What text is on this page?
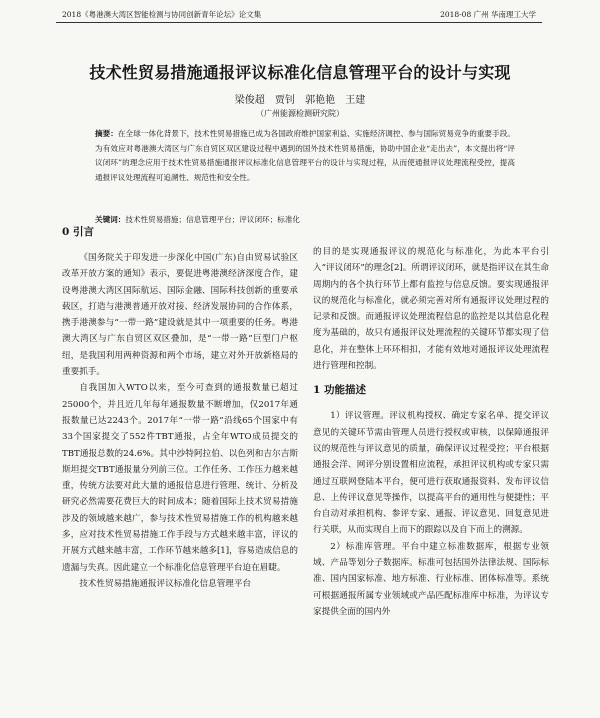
2018《粤港澳大湾区智能检测与协同创新青年论坛》论文集	2018-08 广州 华南理工大学
技术性贸易措施通报评议标准化信息管理平台的设计与实现
梁俊超 贾钊 郭艳艳 王建
（广州能源检测研究院）
摘要：在全球一体化背景下，技术性贸易措施已成为各国政府维护国家利益、实施经济调控、参与国际贸易竞争的重要手段。为有效应对粤港澳大湾区与广东自贸区双区建设过程中遇到的国外技术性贸易措施，协助中国企业“走出去”，本文提出将“评议闭环”的理念应用于技术性贸易措施通报评议标准化信息管理平台的设计与实现过程，从而使通报评议处理流程受控，提高通报评议处理流程可追溯性、规范性和安全性。
关键词：技术性贸易措施；信息管理平台；评议闭环；标准化
0 引言

《国务院关于印发进一步深化中国(广东)自由贸易试验区改革开放方案的通知》表示，要促进粤港澳经济深度合作，建设粤港澳大湾区国际航运、国际金融、国际科技创新的重要承载区，打造与港澳普通开放对接、经济发展协同的合作体系，携手港澳参与“一带一路”建设就是其中一项重要的任务。粤港澳大湾区与广东自贸区双区叠加，是“一带一路”巨型门户枢纽，是我国利用两种资源和两个市场，建立对外开放新格局的重要抓手。

自我国加入WTO以来，至今可查到的通报数量已超过25000个，并且近几年每年通报数量不断增加，仅2017年通报数量已达2243个。2017年“一带一路”沿线65个国家中有33个国家提交了552件TBT通报，占全年WTO成员提交的TBT通报总数的24.6%。其中沙特阿拉伯、以色列和吉尔吉斯斯坦提交TBT通报量分列前三位。工作任务、工作压力越来越重，传统方法要对此大量的通报信息进行管理、统计、分析及研究必然需要花费巨大的时间成本；随着国际上技术贸易措施涉及的领域越来越广，参与技术性贸易措施工作的机构越来越多，应对技术性贸易措施工作手段与方式越来越丰富，评议的开展方式越来越丰富，工作环节越来越多[1]，容易造成信息的遗漏与失真。因此建立一个标准化信息管理平台迫在眉睫。

技术性贸易措施通报评议标准化信息管理平台

的目的是实现通报评议的规范化与标准化，为此本平台引入“评议闭环”的理念[2]。所谓评议闭环，就是指评议在其生命周期内的各个执行环节上都有监控与信息反馈。要实现通报评议的规范化与标准化，就必须完善对所有通报评议处理过程的记录和反馈。而通报评议处理流程信息的监控是以其信息化程度为基础的，故只有通报评议处理流程的关键环节都实现了信息化，并在整体上环环相扣，才能有效地对通报评议处理流程进行管理和控制。

1 功能描述

1）评议管理。评议机构授权、确定专家名单、提交评议意见的关键环节需由管理人员进行授权或审核，以保障通报评议的规范性与评议意见的质量，确保评议过程受控；平台根据通报会洋、网评分别设置相应流程，承担评议机构或专家只需通过互联网登陆本平台，便可进行获取通报资料、发布评议信息、上传评议意见等操作，以提高平台的通用性与便捷性；平台自动对承担机构、参评专家、通报、评议意见、回复意见进行关联，从而实现自上而下的跟踪以及自下而上的溯源。

2）标准库管理。平台中建立标准数据库，根据专业领域、产品等划分子数据库。标准可包括国外法律法规、国际标准、国内国家标准、地方标准、行业标准、团体标准等。系统可根据通报所属专业领域或产品匹配标准库中标准，为评议专家提供全面的国内外
